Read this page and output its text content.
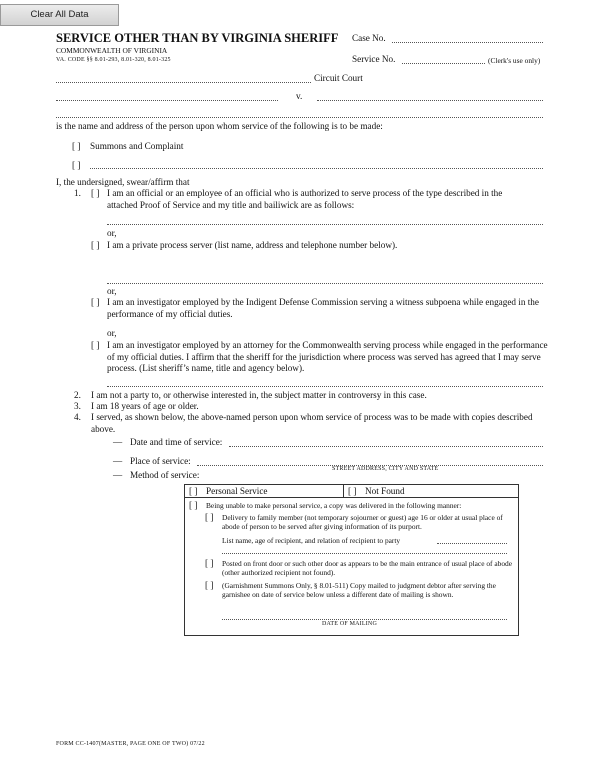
Clear All Data
SERVICE OTHER THAN BY VIRGINIA SHERIFF
COMMONWEALTH OF VIRGINIA
VA. CODE §§ 8.01-293, 8.01-320, 8.01-325
Case No.
Service No.	(Clerk's use only)
Circuit Court
v.
is the name and address of the person upon whom service of the following is to be made:
[ ] Summons and Complaint
[ ]
I, the undersigned, swear/affirm that
1. [ ] I am an official or an employee of an official who is authorized to serve process of the type described in the attached Proof of Service and my title and bailiwick are as follows:
or,
[ ] I am a private process server (list name, address and telephone number below).
or,
[ ] I am an investigator employed by the Indigent Defense Commission serving a witness subpoena while engaged in the performance of my official duties.
or,
[ ] I am an investigator employed by an attorney for the Commonwealth serving process while engaged in the performance of my official duties. I affirm that the sheriff for the jurisdiction where process was served has agreed that I may serve process. (List sheriff’s name, title and agency below).
2. I am not a party to, or otherwise interested in, the subject matter in controversy in this case.
3. I am 18 years of age or older.
4. I served, as shown below, the above-named person upon whom service of process was to be made with copies described above.
— Date and time of service:
— Place of service:
STREET ADDRESS, CITY AND STATE
— Method of service:
[ ] Personal Service	[ ] Not Found
[ ] Being unable to make personal service, a copy was delivered in the following manner:
[ ] Delivery to family member (not temporary sojourner or guest) age 16 or older at usual place of abode of person to be served after giving information of its purport.
List name, age of recipient, and relation of recipient to party
[ ] Posted on front door or such other door as appears to be the main entrance of usual place of abode (other authorized recipient not found).
[ ] (Garnishment Summons Only, § 8.01-511) Copy mailed to judgment debtor after serving the garnishee on date of service below unless a different date of mailing is shown.
DATE OF MAILING
FORM CC-1407(MASTER, PAGE ONE OF TWO) 07/22
